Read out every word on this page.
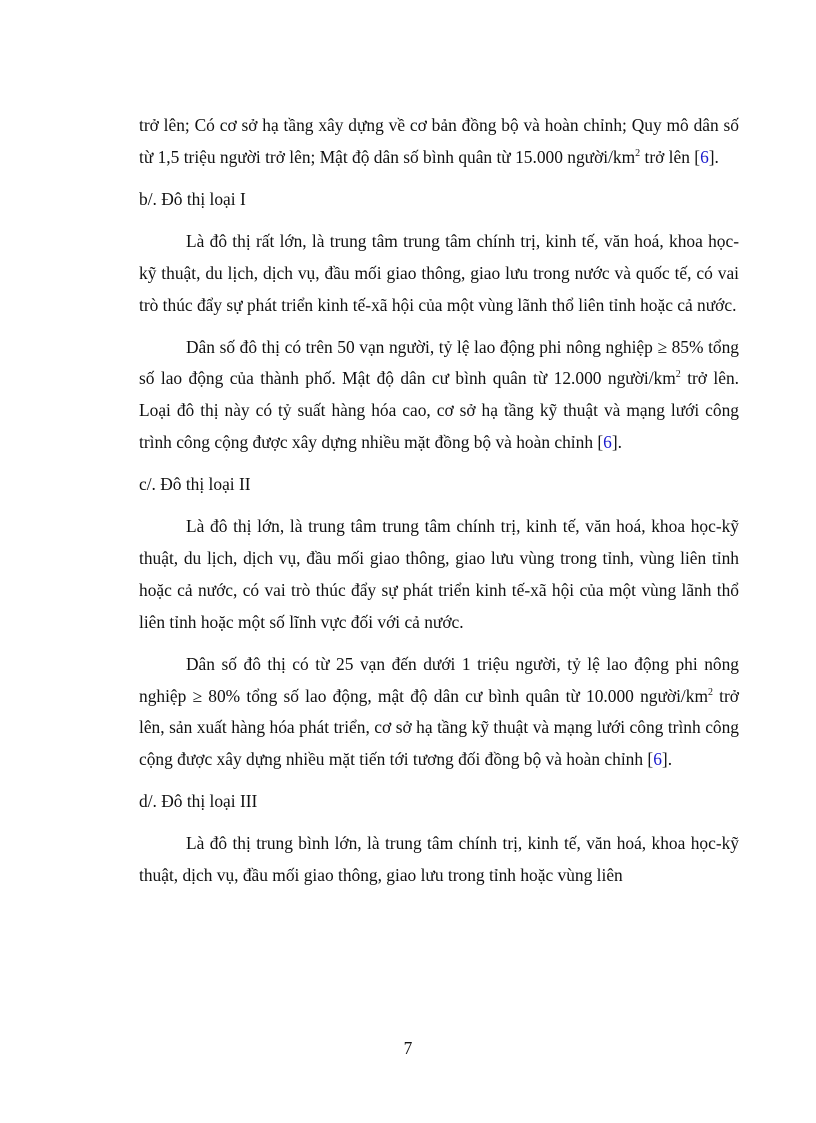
trở lên; Có cơ sở hạ tầng xây dựng về cơ bản đồng bộ và hoàn chỉnh; Quy mô dân số từ 1,5 triệu người trở lên; Mật độ dân số bình quân từ 15.000 người/$km^2$ trở lên [6].

b/. Đô thị loại I

Là đô thị rất lớn, là trung tâm trung tâm chính trị, kinh tế, văn hoá, khoa học-kỹ thuật, du lịch, dịch vụ, đầu mối giao thông, giao lưu trong nước và quốc tế, có vai trò thúc đẩy sự phát triển kinh tế-xã hội của một vùng lãnh thổ liên tỉnh hoặc cả nước.

Dân số đô thị có trên 50 vạn người, tỷ lệ lao động phi nông nghiệp ≥ 85% tổng số lao động của thành phố. Mật độ dân cư bình quân từ 12.000 người/$km^2$ trở lên. Loại đô thị này có tỷ suất hàng hóa cao, cơ sở hạ tầng kỹ thuật và mạng lưới công trình công cộng được xây dựng nhiều mặt đồng bộ và hoàn chỉnh [6].

c/. Đô thị loại II

Là đô thị lớn, là trung tâm trung tâm chính trị, kinh tế, văn hoá, khoa học-kỹ thuật, du lịch, dịch vụ, đầu mối giao thông, giao lưu vùng trong tỉnh, vùng liên tỉnh hoặc cả nước, có vai trò thúc đẩy sự phát triển kinh tế-xã hội của một vùng lãnh thổ liên tỉnh hoặc một số lĩnh vực đối với cả nước.

Dân số đô thị có từ 25 vạn đến dưới 1 triệu người, tỷ lệ lao động phi nông nghiệp ≥ 80% tổng số lao động, mật độ dân cư bình quân từ 10.000 người/$km^2$ trở lên, sản xuất hàng hóa phát triển, cơ sở hạ tầng kỹ thuật và mạng lưới công trình công cộng được xây dựng nhiều mặt tiến tới tương đối đồng bộ và hoàn chỉnh [6].

d/. Đô thị loại III

Là đô thị trung bình lớn, là trung tâm chính trị, kinh tế, văn hoá, khoa học-kỹ thuật, dịch vụ, đầu mối giao thông, giao lưu trong tỉnh hoặc vùng liên

7
